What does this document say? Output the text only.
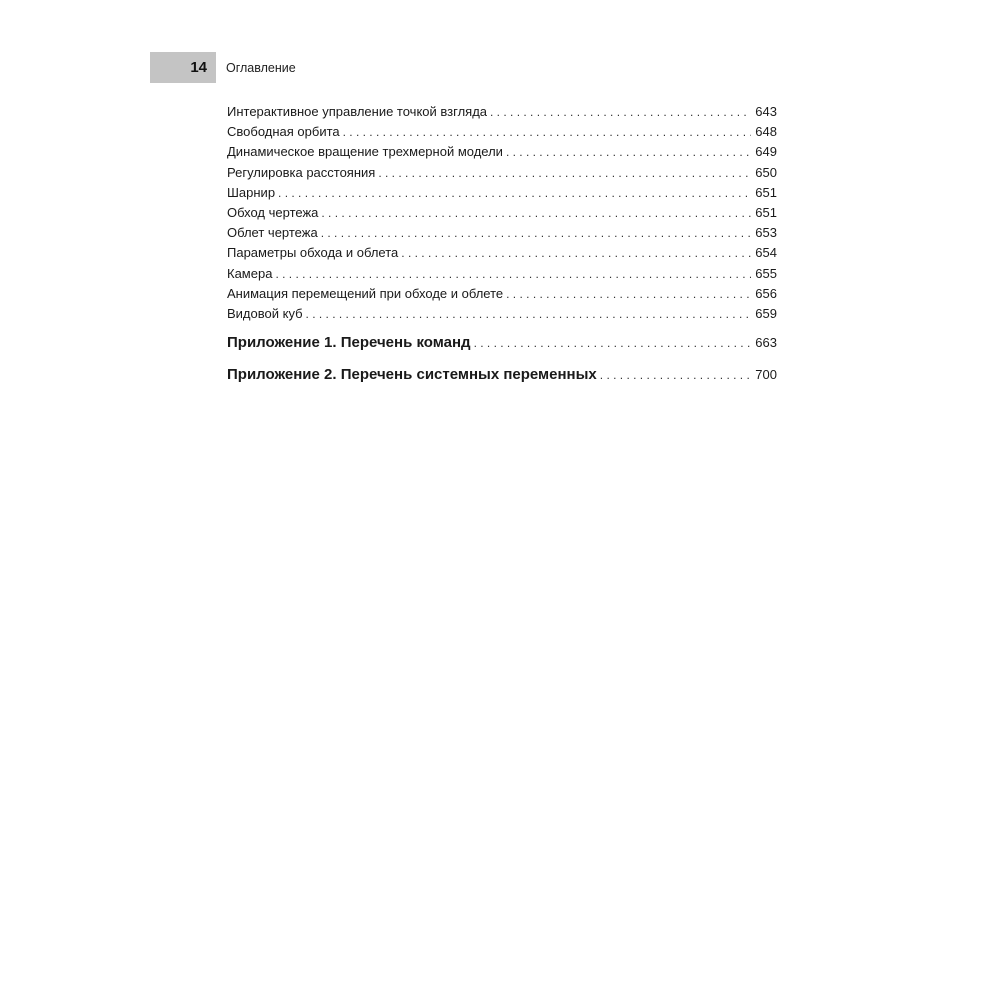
14	Оглавление
Интерактивное управление точкой взгляда . . .	643
Свободная орбита . . .	648
Динамическое вращение трехмерной модели . . .	649
Регулировка расстояния . . .	650
Шарнир . . .	651
Обход чертежа . . .	651
Облет чертежа . . .	653
Параметры обхода и облета . . .	654
Камера . . .	655
Анимация перемещений при обходе и облете . . .	656
Видовой куб . . .	659
Приложение 1. Перечень команд . . .	663
Приложение 2. Перечень системных переменных . . .	700
